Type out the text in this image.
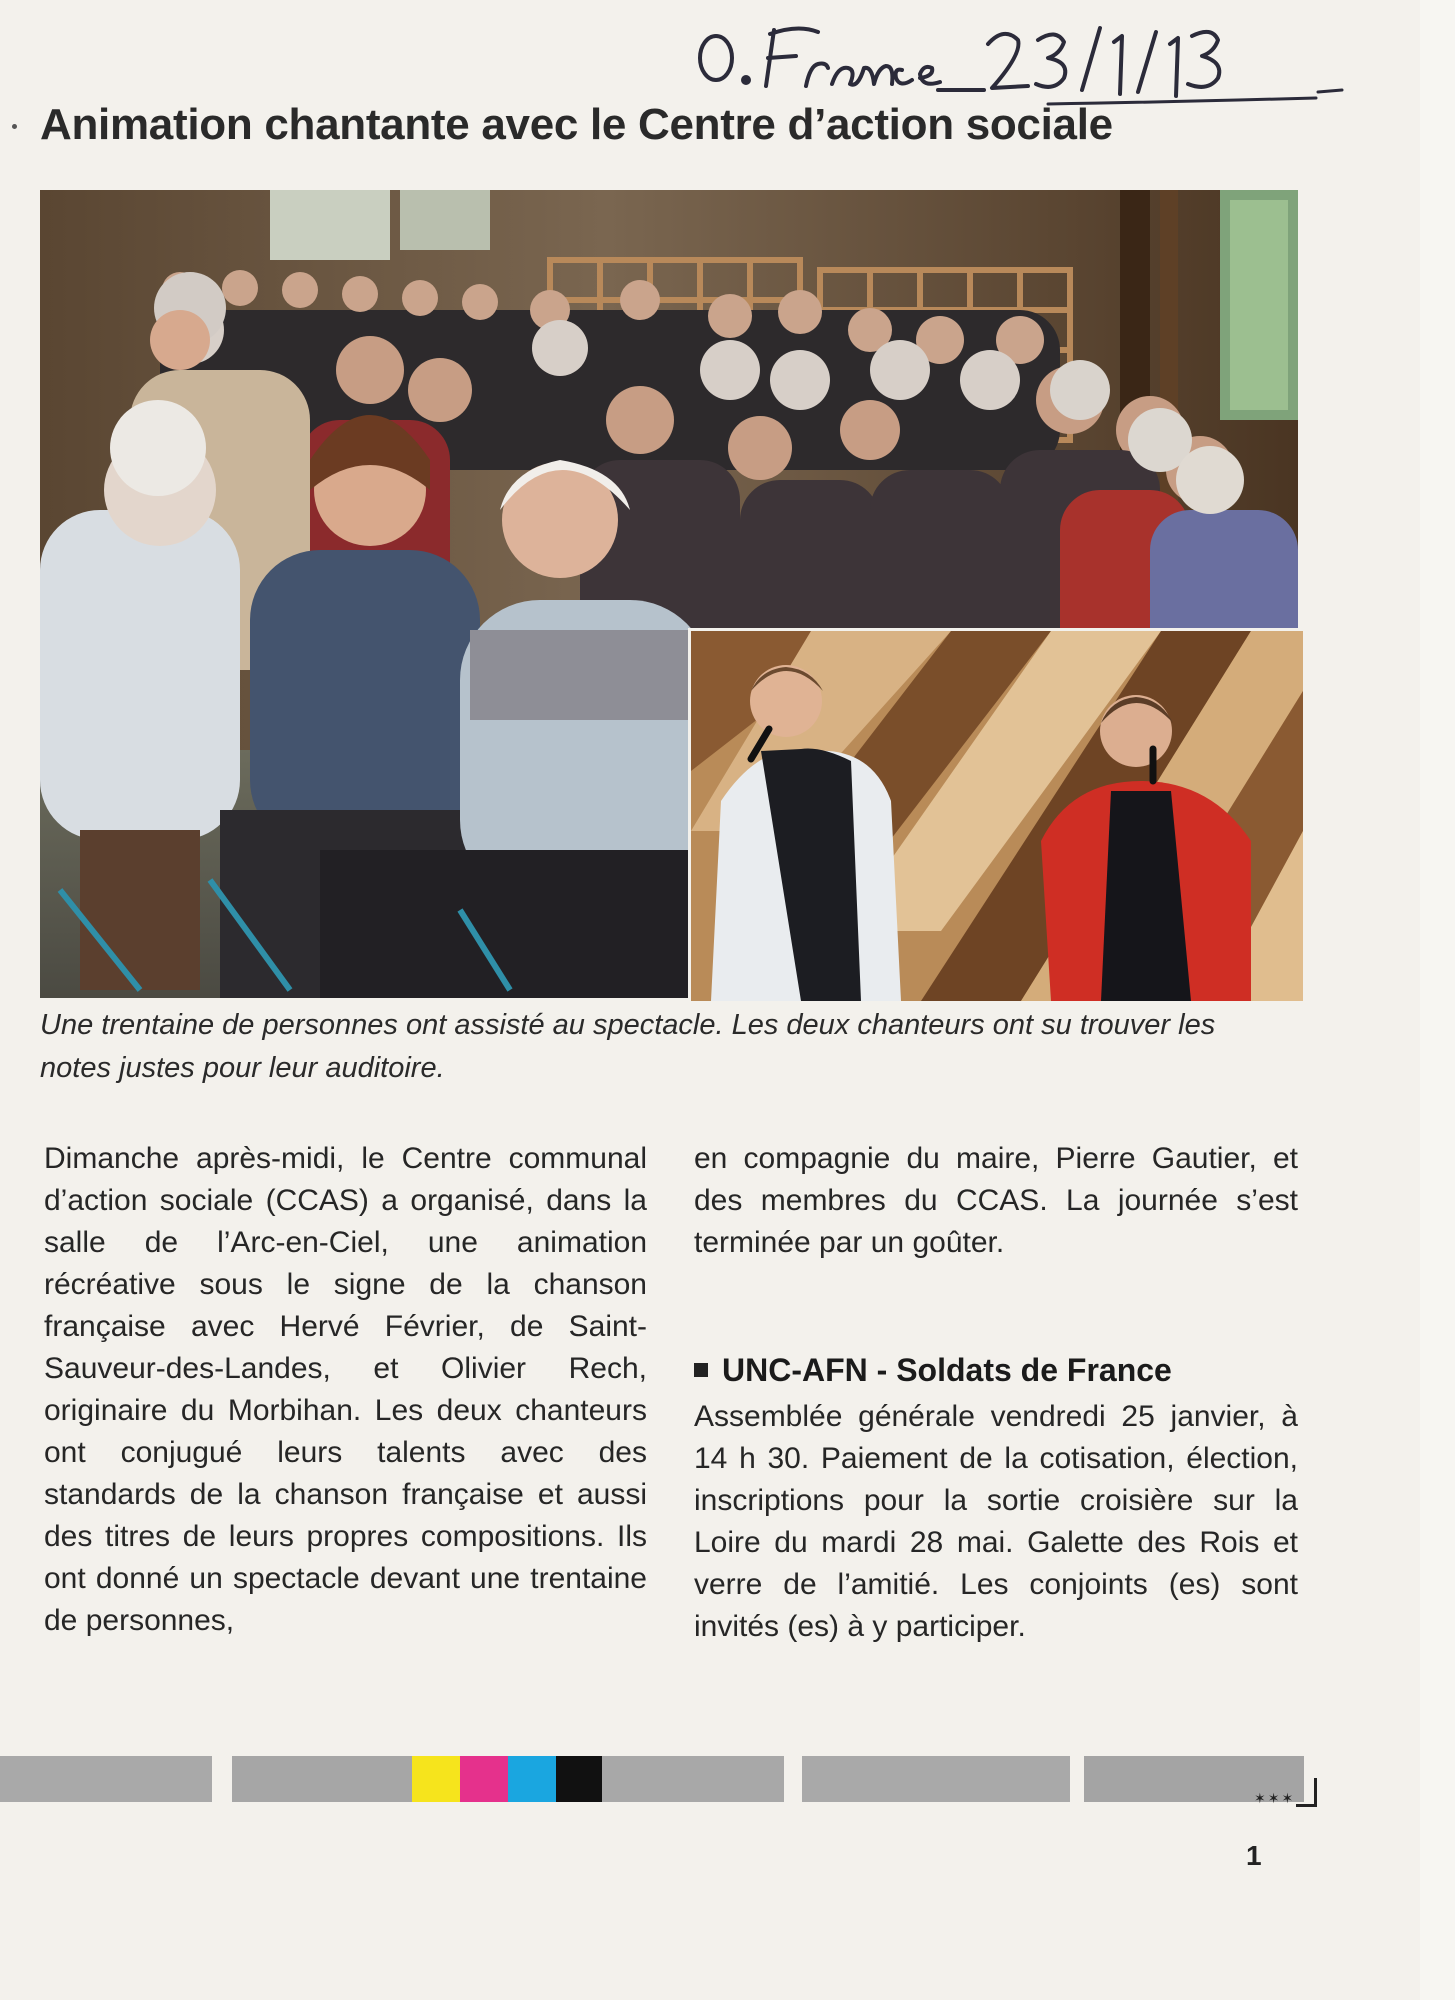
Animation chantante avec le Centre d’action sociale

Une trentaine de personnes ont assisté au spectacle. Les deux chanteurs ont su trouver les notes justes pour leur auditoire.

Dimanche après-midi, le Centre communal d’action sociale (CCAS) a organisé, dans la salle de l’Arc-en-Ciel, une animation récréative sous le signe de la chanson française avec Hervé Février, de Saint-Sauveur-des-Landes, et Olivier Rech, originaire du Morbihan. Les deux chanteurs ont conjugué leurs talents avec des standards de la chanson française et aussi des titres de leurs propres compositions. Ils ont donné un spectacle devant une trentaine de personnes,

en compagnie du maire, Pierre Gautier, et des membres du CCAS. La journée s’est terminée par un goûter.

UNC-AFN - Soldats de France

Assemblée générale vendredi 25 janvier, à 14 h 30. Paiement de la cotisation, élection, inscriptions pour la sortie croisière sur la Loire du mardi 28 mai. Galette des Rois et verre de l’amitié. Les conjoints (es) sont invités (es) à y participer.

✶✶✶
1
